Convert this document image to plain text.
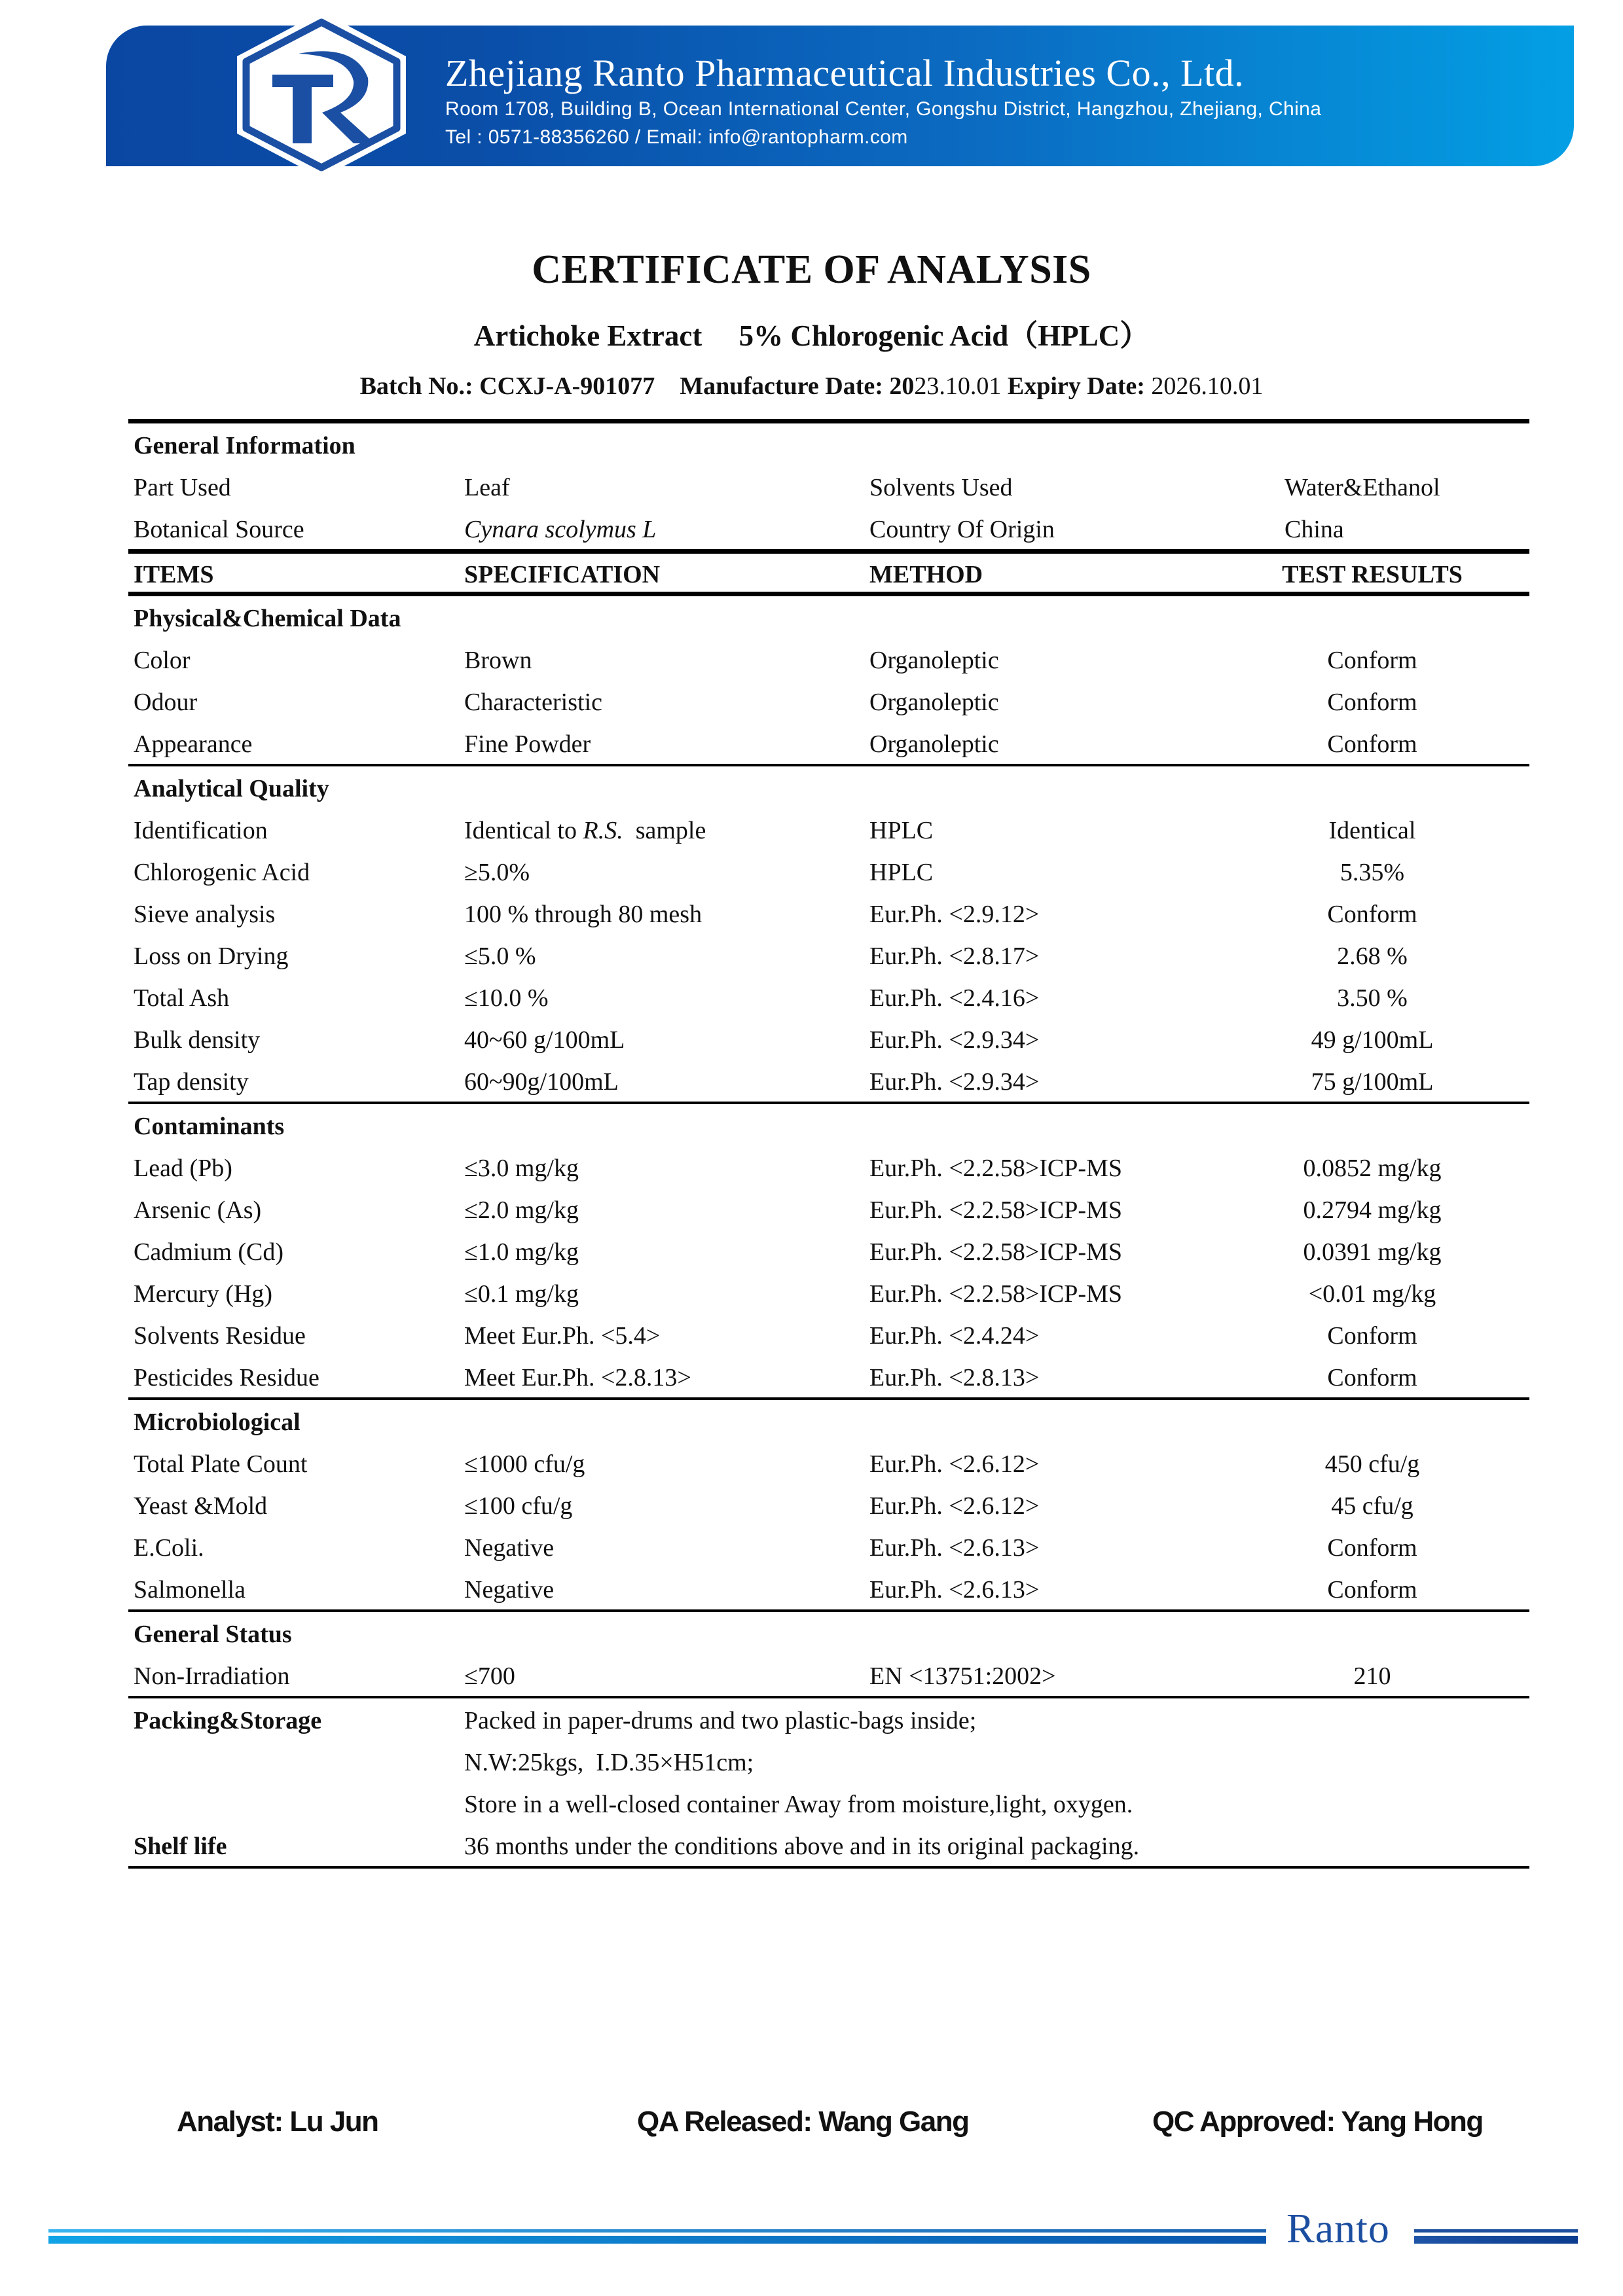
Zhejiang Ranto Pharmaceutical Industries Co., Ltd.
Room 1708, Building B, Ocean International Center, Gongshu District, Hangzhou, Zhejiang, China
Tel : 0571-88356260 / Email: info@rantopharm.com
CERTIFICATE OF ANALYSIS
Artichoke Extract     5% Chlorogenic Acid（HPLC）
Batch No.: CCXJ-A-901077 Manufacture Date: 2023.10.01 Expiry Date: 2026.10.01
General Information
Part Used	Leaf	Solvents Used	Water&Ethanol
Botanical Source	Cynara scolymus L	Country Of Origin	China
ITEMS	SPECIFICATION	METHOD	TEST RESULTS
Physical&Chemical Data
Color	Brown	Organoleptic	Conform
Odour	Characteristic	Organoleptic	Conform
Appearance	Fine Powder	Organoleptic	Conform
Analytical Quality
Identification	Identical to R.S.  sample	HPLC	Identical
Chlorogenic Acid	≥5.0%	HPLC	5.35%
Sieve analysis	100 % through 80 mesh	Eur.Ph. <2.9.12>	Conform
Loss on Drying	≤5.0 %	Eur.Ph. <2.8.17>	2.68 %
Total Ash	≤10.0 %	Eur.Ph. <2.4.16>	3.50 %
Bulk density	40~60 g/100mL	Eur.Ph. <2.9.34>	49 g/100mL
Tap density	60~90g/100mL	Eur.Ph. <2.9.34>	75 g/100mL
Contaminants
Lead (Pb)	≤3.0 mg/kg	Eur.Ph. <2.2.58>ICP-MS	0.0852 mg/kg
Arsenic (As)	≤2.0 mg/kg	Eur.Ph. <2.2.58>ICP-MS	0.2794 mg/kg
Cadmium (Cd)	≤1.0 mg/kg	Eur.Ph. <2.2.58>ICP-MS	0.0391 mg/kg
Mercury (Hg)	≤0.1 mg/kg	Eur.Ph. <2.2.58>ICP-MS	<0.01 mg/kg
Solvents Residue	Meet Eur.Ph. <5.4>	Eur.Ph. <2.4.24>	Conform
Pesticides Residue	Meet Eur.Ph. <2.8.13>	Eur.Ph. <2.8.13>	Conform
Microbiological
Total Plate Count	≤1000 cfu/g	Eur.Ph. <2.6.12>	450 cfu/g
Yeast &Mold	≤100 cfu/g	Eur.Ph. <2.6.12>	45 cfu/g
E.Coli.	Negative	Eur.Ph. <2.6.13>	Conform
Salmonella	Negative	Eur.Ph. <2.6.13>	Conform
General Status
Non-Irradiation	≤700	EN <13751:2002>	210
Packing&Storage	Packed in paper-drums and two plastic-bags inside;
N.W:25kgs,  I.D.35×H51cm;
Store in a well-closed container Away from moisture,light, oxygen.
Shelf life	36 months under the conditions above and in its original packaging.
Analyst: Lu Jun	QA Released: Wang Gang	QC Approved: Yang Hong
Ranto
